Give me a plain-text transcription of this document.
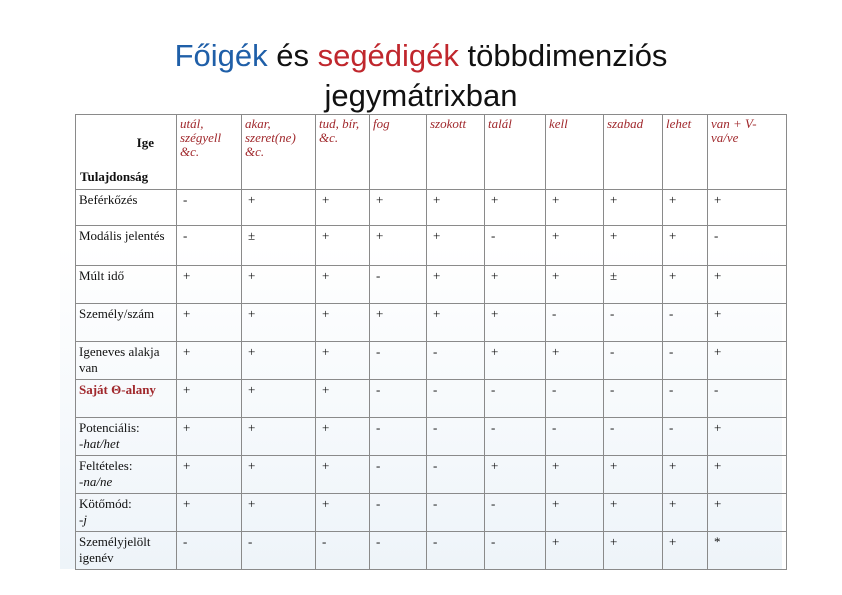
Főigék és segédigék többdimenziós
jegymátrixban
Ige
Tulajdonság	utál, szégyell &c.	akar, szeret(ne) &c.	tud, bír, &c.	fog	szokott	talál	kell	szabad	lehet	van + V-va/ve
Beférkőzés	-	+	+	+	+	+	+	+	+	+
Modális jelentés	-	±	+	+	+	-	+	+	+	-
Múlt idő	+	+	+	-	+	+	+	±	+	+
Személy/szám	+	+	+	+	+	+	-	-	-	+
Igeneves alakja van	+	+	+	-	-	+	+	-	-	+
Saját Θ-alany	+	+	+	-	-	-	-	-	-	-
Potenciális:
-hat/het	+	+	+	-	-	-	-	-	-	+
Feltételes:
-na/ne	+	+	+	-	-	+	+	+	+	+
Kötőmód:
-j	+	+	+	-	-	-	+	+	+	+
Személyjelölt igenév	-	-	-	-	-	-	+	+	+	*
